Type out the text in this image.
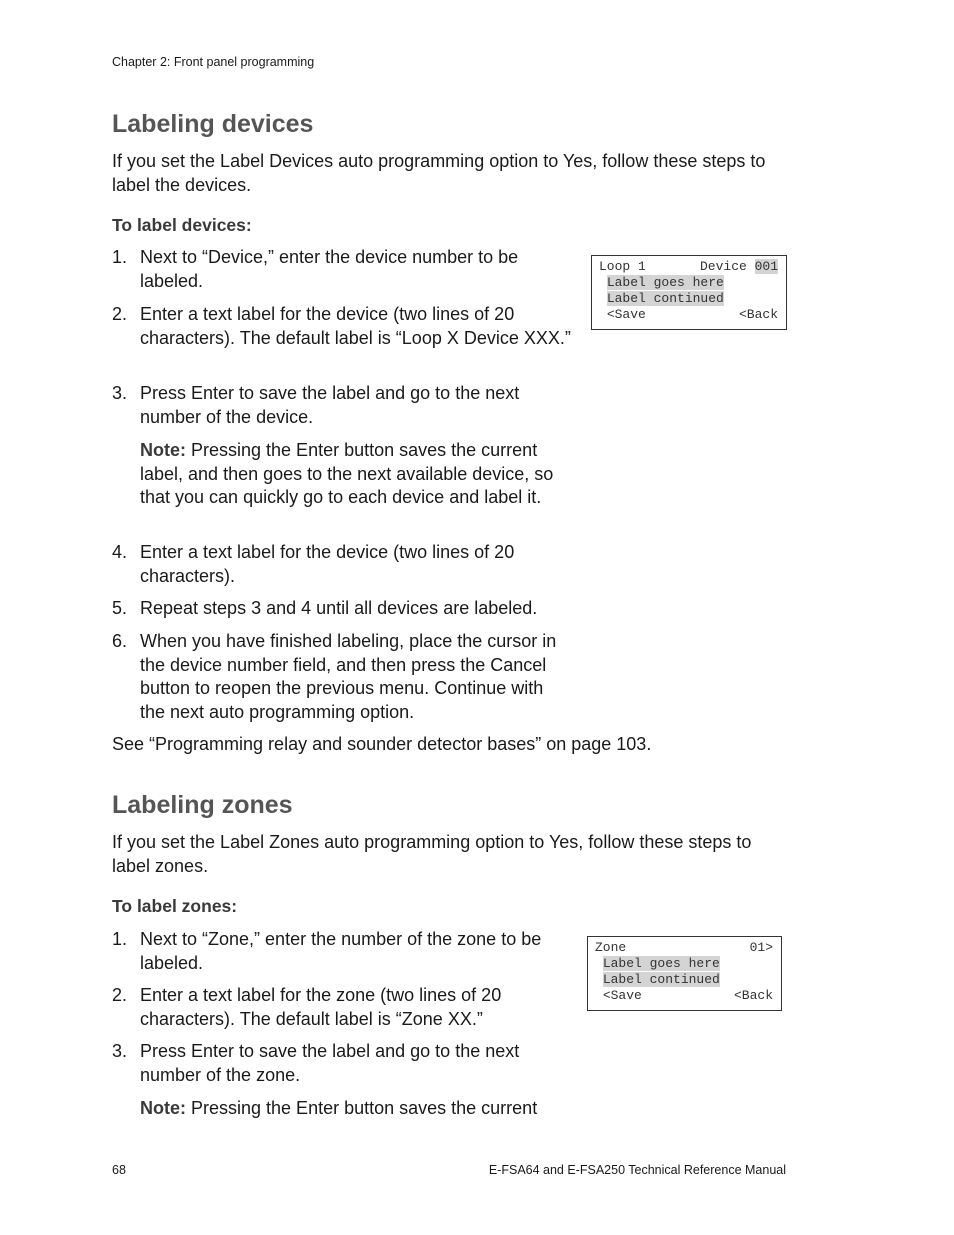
Chapter 2: Front panel programming
Labeling devices

If you set the Label Devices auto programming option to Yes, follow these steps to label the devices.

To label devices:

1. Next to “Device,” enter the device number to be labeled.
2. Enter a text label for the device (two lines of 20 characters). The default label is “Loop X Device XXX.”
3. Press Enter to save the label and go to the next number of the device.
Note: Pressing the Enter button saves the current label, and then goes to the next available device, so that you can quickly go to each device and label it.
4. Enter a text label for the device (two lines of 20 characters).
5. Repeat steps 3 and 4 until all devices are labeled.
6. When you have finished labeling, place the cursor in the device number field, and then press the Cancel button to reopen the previous menu. Continue with the next auto programming option.

See “Programming relay and sounder detector bases” on page 103.

Loop 1	Device 001
Label goes here
Label continued
<Save	<Back
Labeling zones

If you set the Label Zones auto programming option to Yes, follow these steps to label zones.

To label zones:

1. Next to “Zone,” enter the number of the zone to be labeled.
2. Enter a text label for the zone (two lines of 20 characters). The default label is “Zone XX.”
3. Press Enter to save the label and go to the next number of the zone.
Note: Pressing the Enter button saves the current
Zone	01>
Label goes here
Label continued
<Save	<Back
68	E-FSA64 and E-FSA250 Technical Reference Manual
